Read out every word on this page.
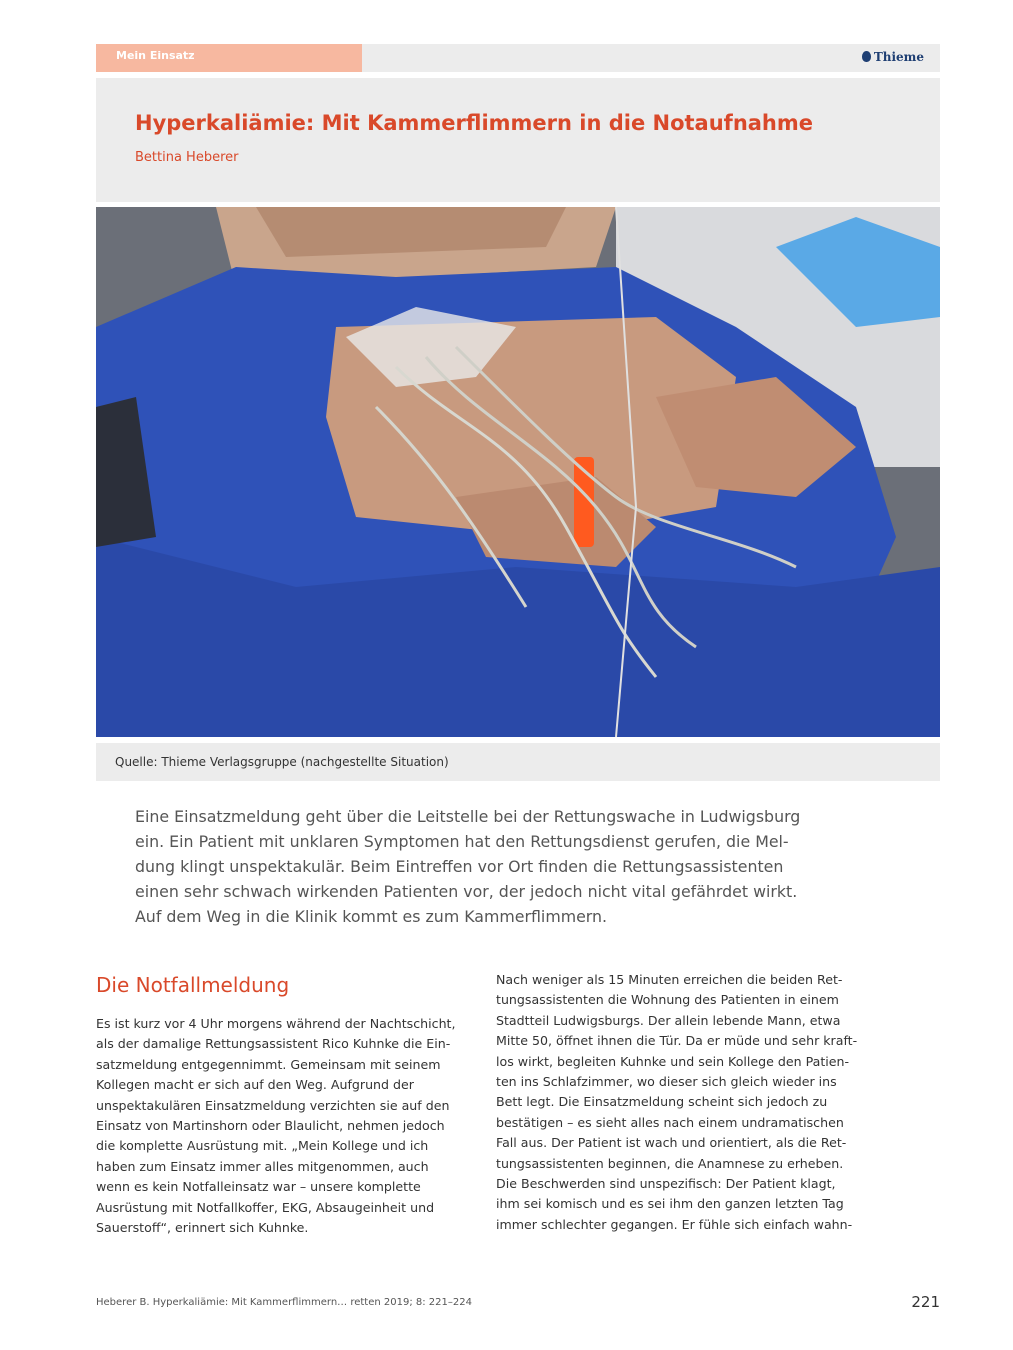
Mein Einsatz	Thieme
Hyperkaliämie: Mit Kammerflimmern in die Notaufnahme
Bettina Heberer
Quelle: Thieme Verlagsgruppe (nachgestellte Situation)
Eine Einsatzmeldung geht über die Leitstelle bei der Rettungswache in Ludwigsburg
ein. Ein Patient mit unklaren Symptomen hat den Rettungsdienst gerufen, die Mel-
dung klingt unspektakulär. Beim Eintreffen vor Ort finden die Rettungsassistenten
einen sehr schwach wirkenden Patienten vor, der jedoch nicht vital gefährdet wirkt.
Auf dem Weg in die Klinik kommt es zum Kammerflimmern.
Die Notfallmeldung
Es ist kurz vor 4 Uhr morgens während der Nachtschicht,
als der damalige Rettungsassistent Rico Kuhnke die Ein-
satzmeldung entgegennimmt. Gemeinsam mit seinem
Kollegen macht er sich auf den Weg. Aufgrund der
unspektakulären Einsatzmeldung verzichten sie auf den
Einsatz von Martinshorn oder Blaulicht, nehmen jedoch
die komplette Ausrüstung mit. „Mein Kollege und ich
haben zum Einsatz immer alles mitgenommen, auch
wenn es kein Notfalleinsatz war – unsere komplette
Ausrüstung mit Notfallkoffer, EKG, Absaugeinheit und
Sauerstoff“, erinnert sich Kuhnke.
Nach weniger als 15 Minuten erreichen die beiden Ret-
tungsassistenten die Wohnung des Patienten in einem
Stadtteil Ludwigsburgs. Der allein lebende Mann, etwa
Mitte 50, öffnet ihnen die Tür. Da er müde und sehr kraft-
los wirkt, begleiten Kuhnke und sein Kollege den Patien-
ten ins Schlafzimmer, wo dieser sich gleich wieder ins
Bett legt. Die Einsatzmeldung scheint sich jedoch zu
bestätigen – es sieht alles nach einem undramatischen
Fall aus. Der Patient ist wach und orientiert, als die Ret-
tungsassistenten beginnen, die Anamnese zu erheben.
Die Beschwerden sind unspezifisch: Der Patient klagt,
ihm sei komisch und es sei ihm den ganzen letzten Tag
immer schlechter gegangen. Er fühle sich einfach wahn-
Heberer B. Hyperkaliämie: Mit Kammerflimmern… retten 2019; 8: 221–224	221
